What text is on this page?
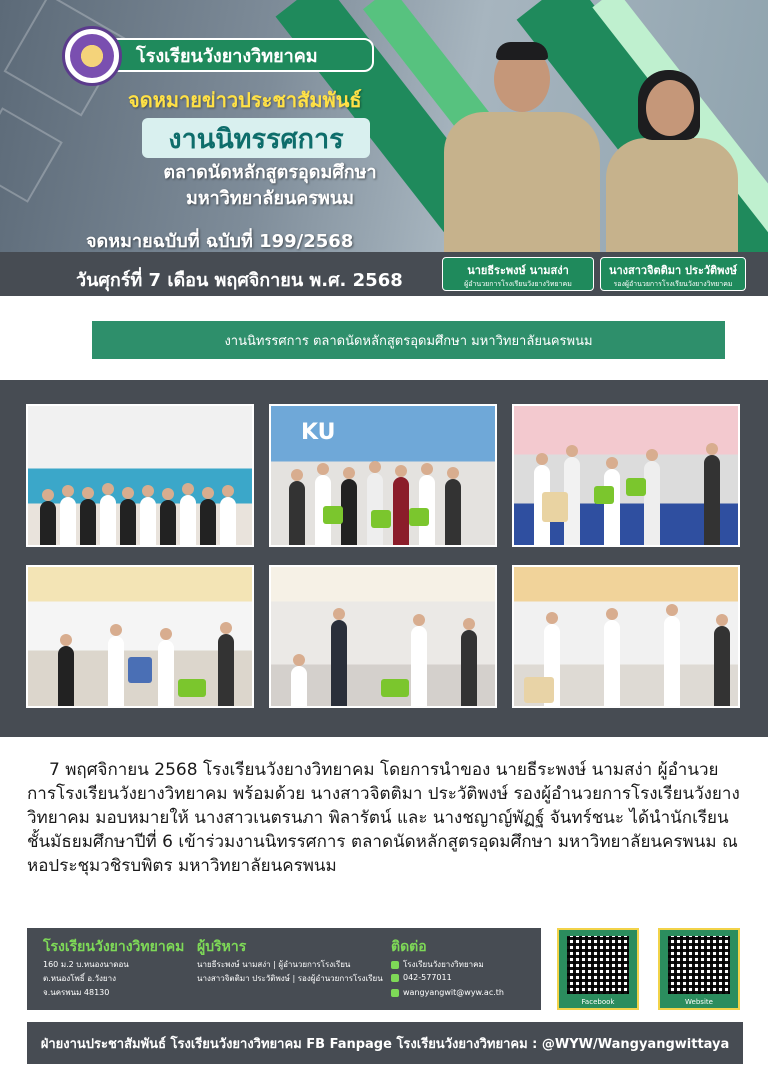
โรงเรียนวังยางวิทยาคม
จดหมายข่าวประชาสัมพันธ์
งานนิทรรศการ
ตลาดนัดหลักสูตรอุดมศึกษา
มหาวิทยาลัยนครพนม
จดหมายฉบับที่ ฉบับที่ 199/2568
วันศุกร์ที่ 7 เดือน พฤศจิกายน พ.ศ. 2568	นายธีระพงษ์ นามสง่า
ผู้อำนวยการโรงเรียนวังยางวิทยาคม
นางสาวจิตติมา ประวัติพงษ์
รองผู้อำนวยการโรงเรียนวังยางวิทยาคม
งานนิทรรศการ ตลาดนัดหลักสูตรอุดมศึกษา มหาวิทยาลัยนครพนม
KU

7 พฤศจิกายน 2568 โรงเรียนวังยางวิทยาคม โดยการนำของ นายธีระพงษ์ นามสง่า ผู้อำนวยการโรงเรียนวังยางวิทยาคม พร้อมด้วย นางสาวจิตติมา ประวัติพงษ์ รองผู้อำนวยการโรงเรียนวังยางวิทยาคม มอบหมายให้ นางสาวเนตรนภา พิลารัตน์ และ นางชญาญ์พัฏฐ์ จันทร์ชนะ ได้นำนักเรียนชั้นมัธยมศึกษาปีที่ 6 เข้าร่วมงานนิทรรศการ ตลาดนัดหลักสูตรอุดมศึกษา มหาวิทยาลัยนครพนม ณ หอประชุมวชิรบพิตร มหาวิทยาลัยนครพนม

โรงเรียนวังยางวิทยาคม
160 ม.2 บ.หนองนาดอน
ต.หนองโพธิ์ อ.วังยาง
จ.นครพนม 48130
ผู้บริหาร
นายธีระพงษ์ นามสง่า | ผู้อำนวยการโรงเรียน
นางสาวจิตติมา ประวัติพงษ์ | รองผู้อำนวยการโรงเรียน
ติดต่อ
โรงเรียนวังยางวิทยาคม
042-577011
wangyangwit@wyw.ac.th
Facebook	Website
ฝ่ายงานประชาสัมพันธ์ โรงเรียนวังยางวิทยาคม FB Fanpage โรงเรียนวังยางวิทยาคม : @WYW/Wangyangwittaya
